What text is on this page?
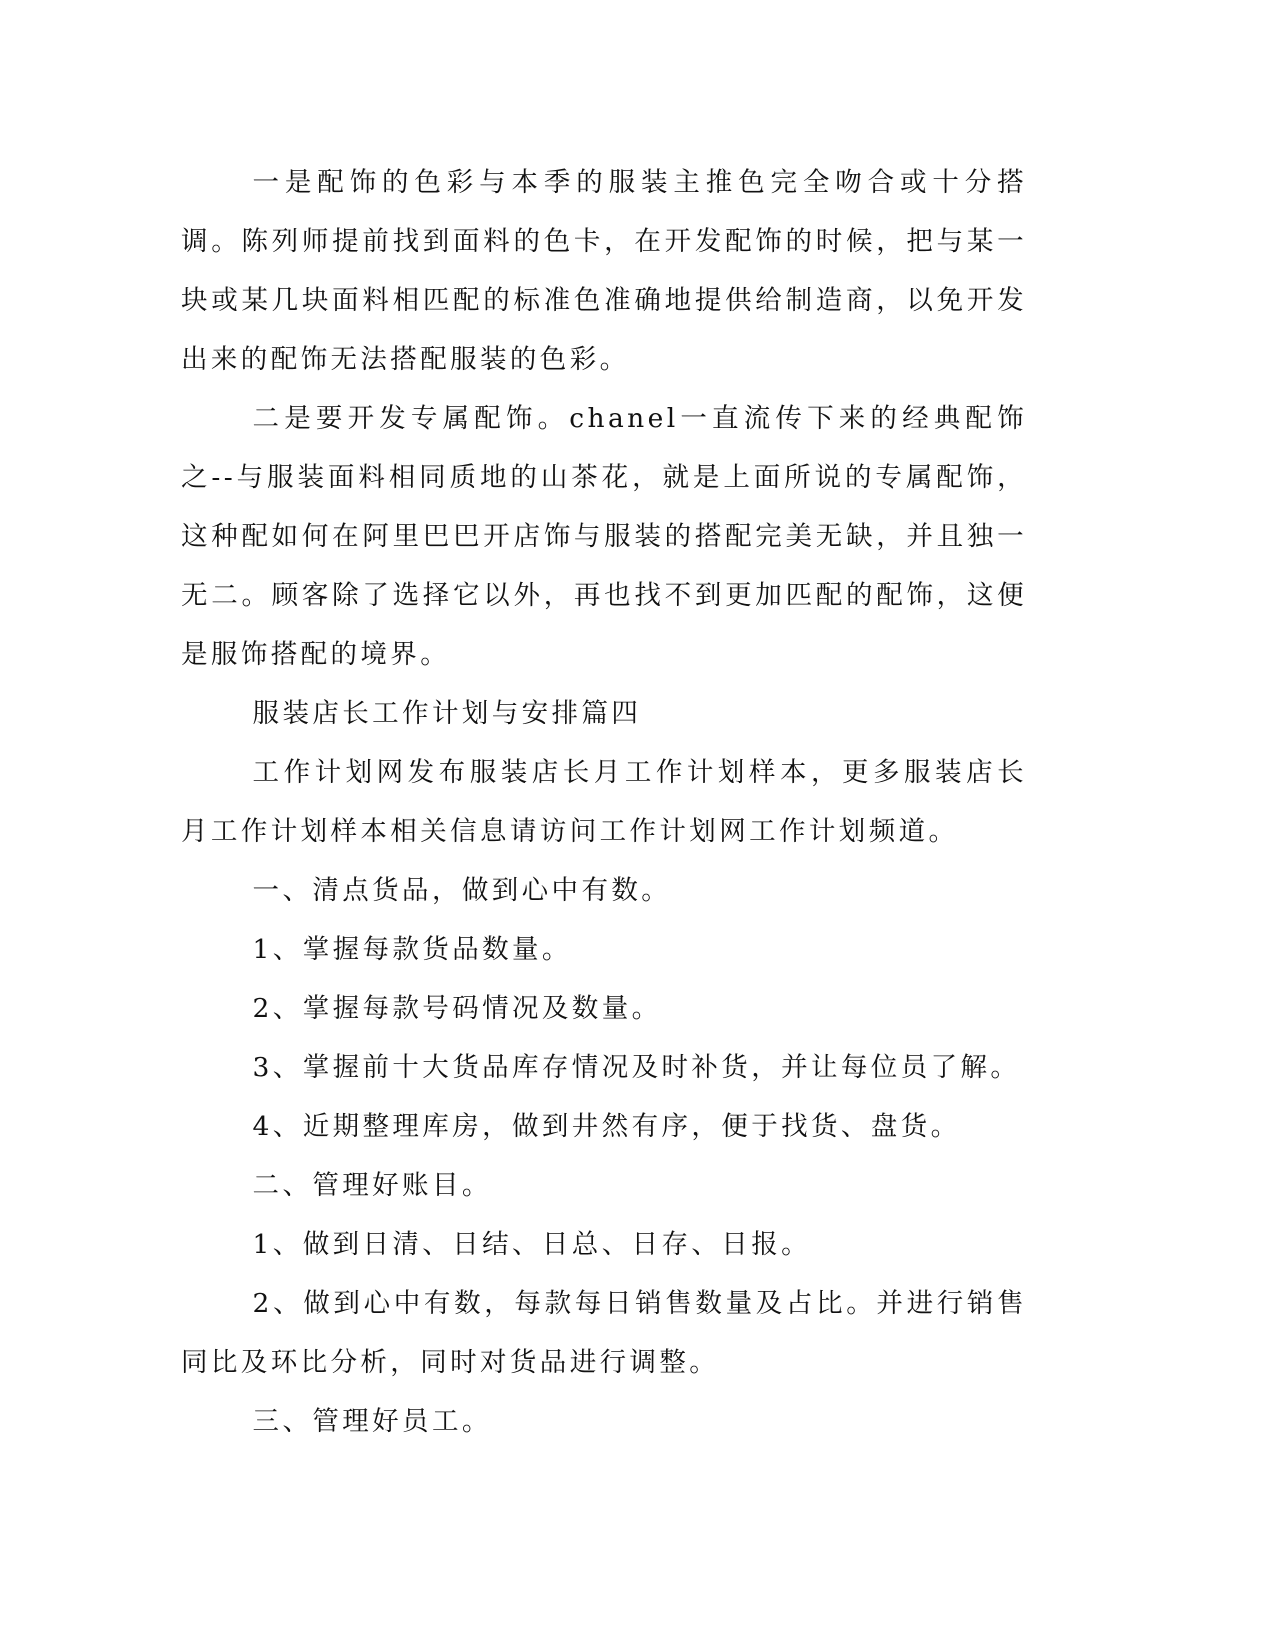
一是配饰的色彩与本季的服装主推色完全吻合或十分搭调。陈列师提前找到面料的色卡，在开发配饰的时候，把与某一块或某几块面料相匹配的标准色准确地提供给制造商，以免开发出来的配饰无法搭配服装的色彩。

二是要开发专属配饰。chanel一直流传下来的经典配饰之--与服装面料相同质地的山茶花，就是上面所说的专属配饰，这种配如何在阿里巴巴开店饰与服装的搭配完美无缺，并且独一无二。顾客除了选择它以外，再也找不到更加匹配的配饰，这便是服饰搭配的境界。

服装店长工作计划与安排篇四

工作计划网发布服装店长月工作计划样本，更多服装店长月工作计划样本相关信息请访问工作计划网工作计划频道。

一、清点货品，做到心中有数。

1、掌握每款货品数量。

2、掌握每款号码情况及数量。

3、掌握前十大货品库存情况及时补货，并让每位员了解。

4、近期整理库房，做到井然有序，便于找货、盘货。

二、管理好账目。

1、做到日清、日结、日总、日存、日报。

2、做到心中有数，每款每日销售数量及占比。并进行销售同比及环比分析，同时对货品进行调整。

三、管理好员工。
